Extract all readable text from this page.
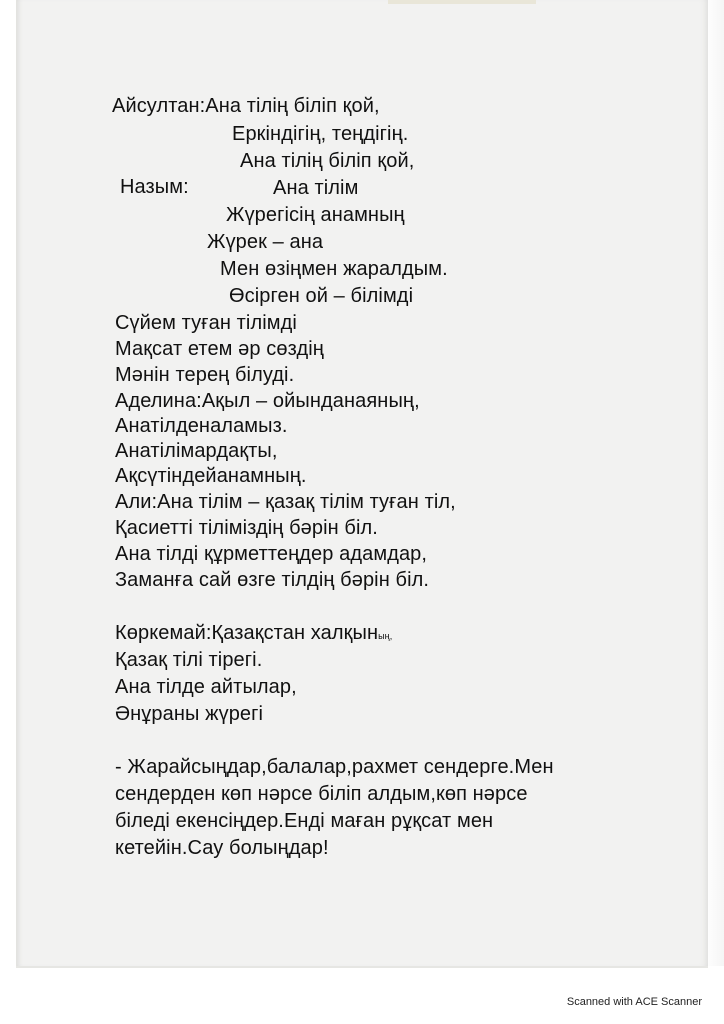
Айсултан:Ана тілің біліп қой,
Еркіндігің, теңдігің.
Ана тілің біліп қой,
Назым:	Ана тілім
Жүрегісің анамның
Жүрек – ана
Мен өзіңмен жаралдым.
Өсірген ой – білімді
Сүйем туған тілімді
Мақсат етем әр сөздің
Мәнін терең білуді.
Аделина:Ақыл – ойынданаяның,
Анатілденаламыз.
Анатілімардақты,
Ақсүтіндейанамның.
Али:Ана тілім – қазақ тілім туған тіл,
Қасиетті тіліміздің бәрін біл.
Ана тілді құрметтеңдер адамдар,
Заманға сай өзге тілдің бәрін біл.
Көркемай:Қазақстан халқының,
Қазақ тілі тірегі.
Ана тілде айтылар,
Әнұраны жүрегі
- Жарайсыңдар,балалар,рахмет сендерге.Мен
сендерден көп нәрсе біліп алдым,көп нәрсе
біледі екенсіңдер.Енді маған рұқсат мен
кетейін.Сау болыңдар!
Scanned with ACE Scanner
